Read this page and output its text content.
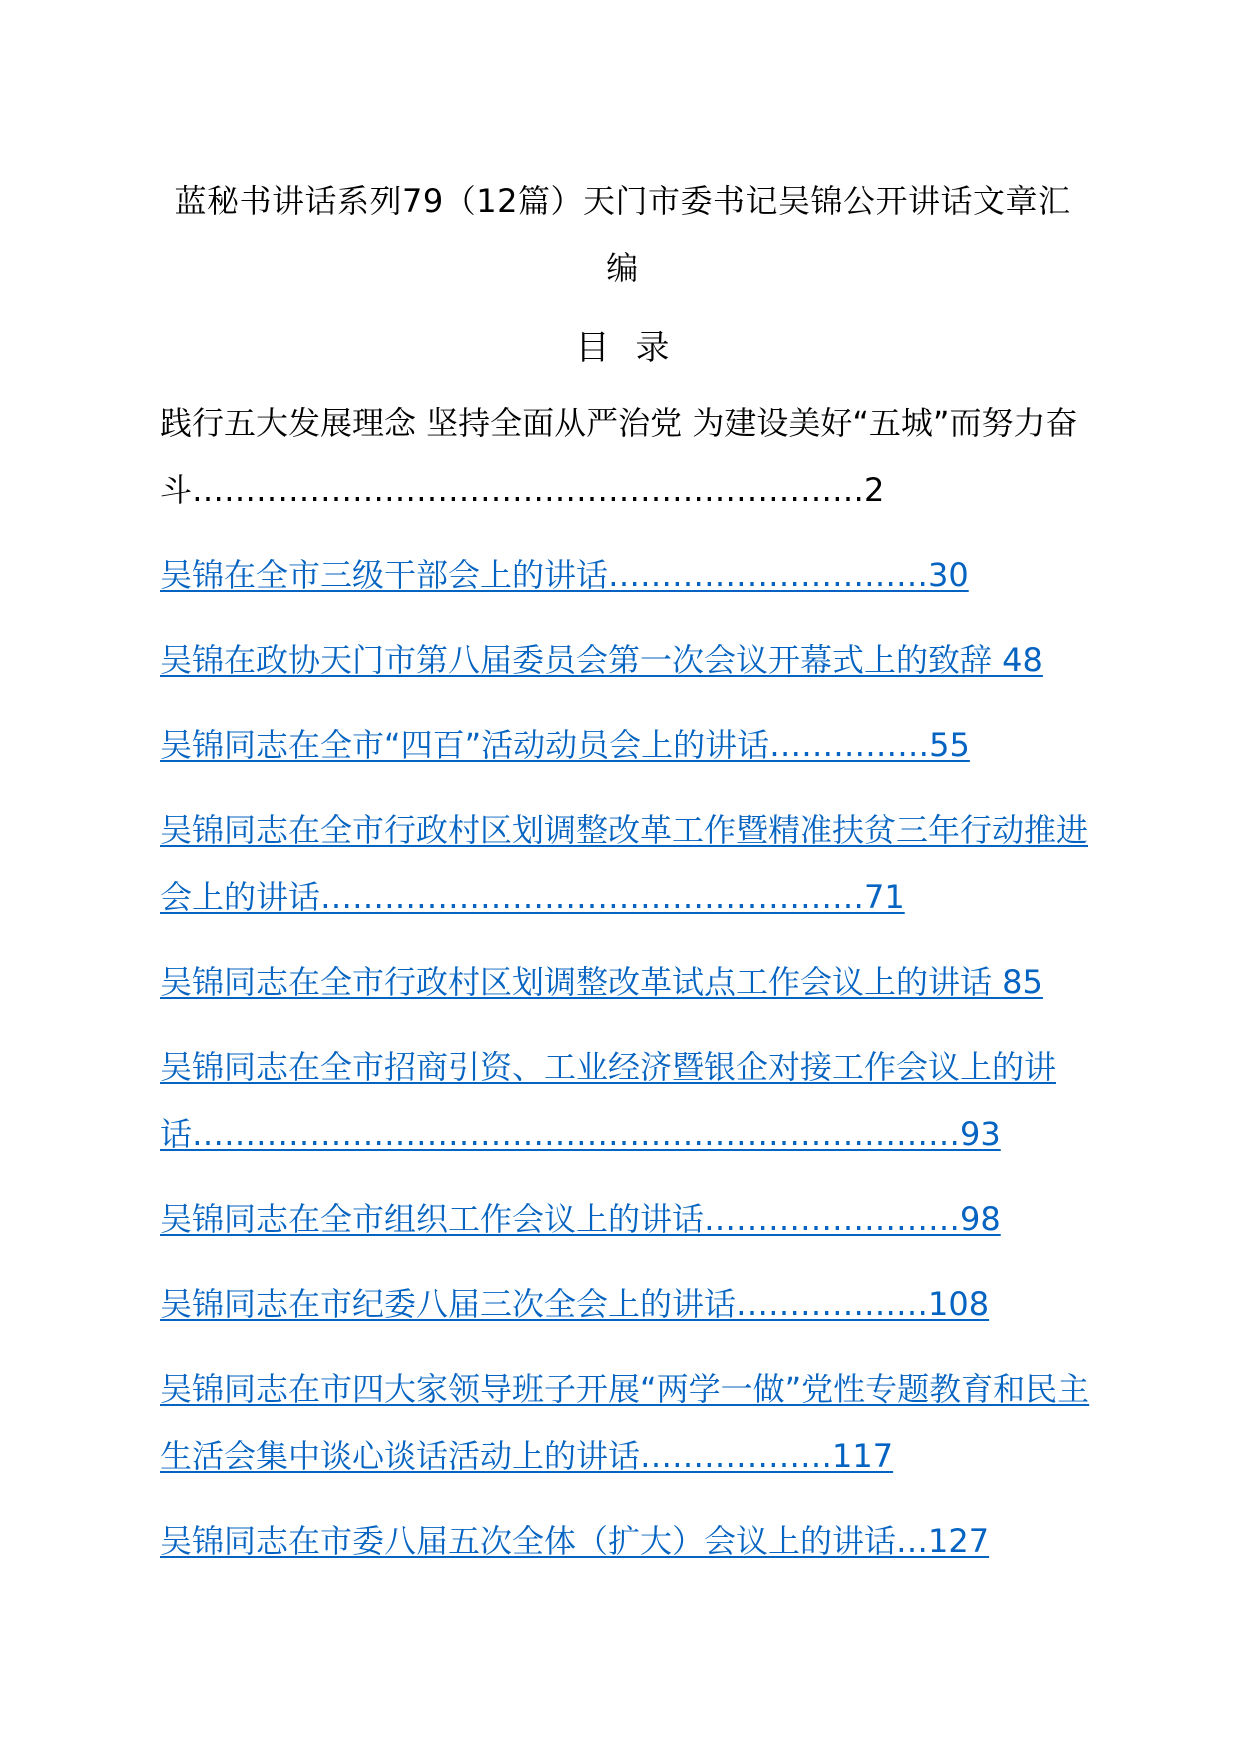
蓝秘书讲话系列79（12篇）天门市委书记吴锦公开讲话文章汇编
目 录
践行五大发展理念 坚持全面从严治党 为建设美好“五城”而努力奋斗………………………………………………………2
吴锦在全市三级干部会上的讲话…………………………30
吴锦在政协天门市第八届委员会第一次会议开幕式上的致辞 48
吴锦同志在全市“四百”活动动员会上的讲话……………55
吴锦同志在全市行政村区划调整改革工作暨精准扶贫三年行动推进会上的讲话……………………………………………71
吴锦同志在全市行政村区划调整改革试点工作会议上的讲话 85
吴锦同志在全市招商引资、工业经济暨银企对接工作会议上的讲话………………………………………………………………93
吴锦同志在全市组织工作会议上的讲话……………………98
吴锦同志在市纪委八届三次全会上的讲话………………108
吴锦同志在市四大家领导班子开展“两学一做”党性专题教育和民主生活会集中谈心谈话活动上的讲话………………117
吴锦同志在市委八届五次全体（扩大）会议上的讲话…127
